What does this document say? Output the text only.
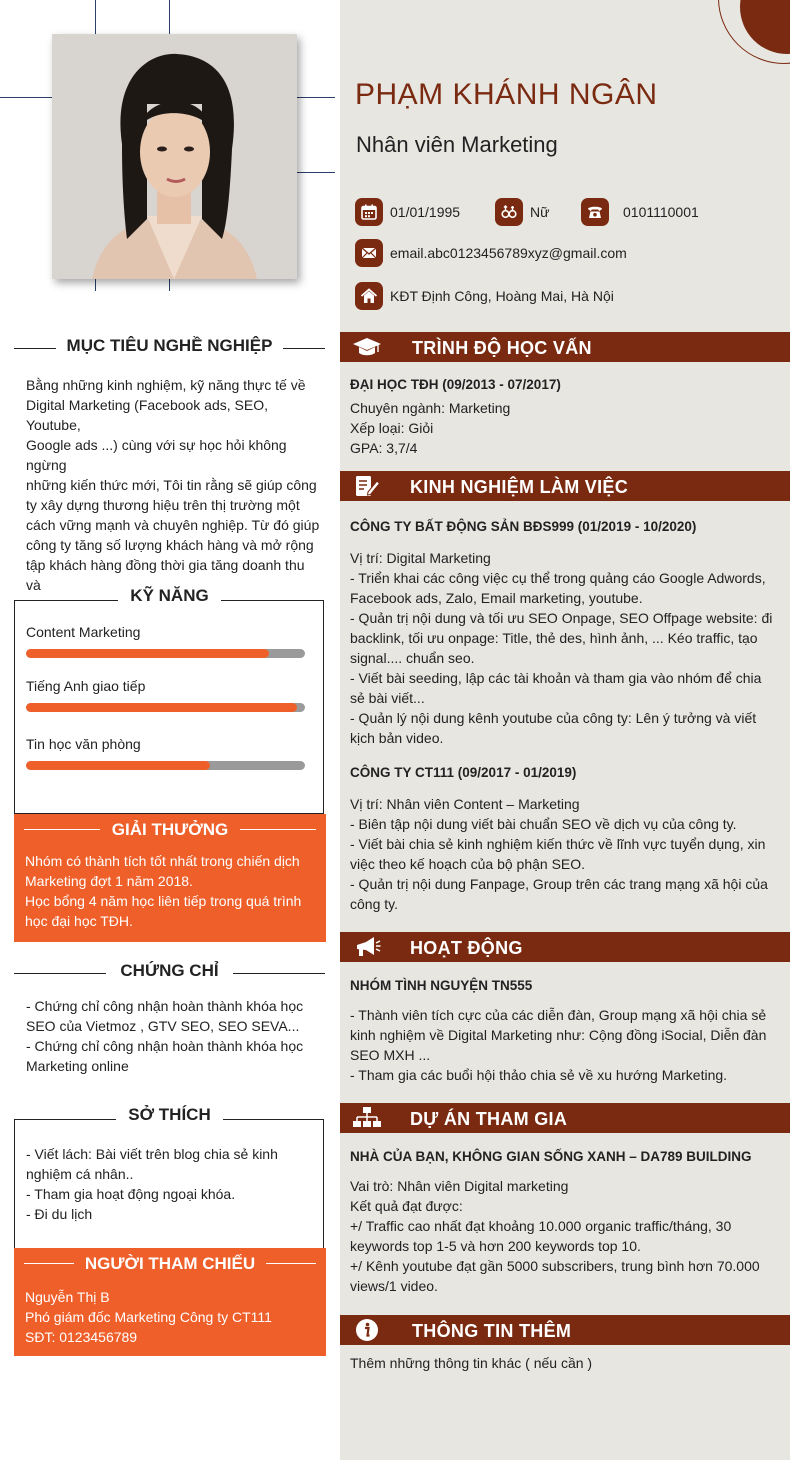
PHẠM KHÁNH NGÂN
Nhân viên Marketing
01/01/1995	Nữ	0101110001
email.abc0123456789xyz@gmail.com
KĐT Định Công, Hoàng Mai, Hà Nội
TRÌNH ĐỘ HỌC VẤN
ĐẠI HỌC TĐH (09/2013 - 07/2017)
Chuyên ngành: Marketing
Xếp loại: Giỏi
GPA: 3,7/4
KINH NGHIỆM LÀM VIỆC
CÔNG TY BẤT ĐỘNG SẢN BĐS999 (01/2019 - 10/2020)
Vị trí: Digital Marketing
- Triển khai các công việc cụ thể trong quảng cáo Google Adwords,
Facebook ads, Zalo, Email marketing, youtube.
- Quản trị nội dung và tối ưu SEO Onpage, SEO Offpage website: đi
backlink, tối ưu onpage: Title, thẻ des, hình ảnh, ... Kéo traffic, tạo
signal.... chuẩn seo.
- Viết bài seeding, lập các tài khoản và tham gia vào nhóm để chia
sẻ bài viết...
- Quản lý nội dung kênh youtube của công ty: Lên ý tưởng và viết
kịch bản video.
CÔNG TY CT111 (09/2017 - 01/2019)
Vị trí: Nhân viên Content – Marketing
- Biên tập nội dung viết bài chuẩn SEO về dịch vụ của công ty.
- Viết bài chia sẻ kinh nghiệm kiến thức về lĩnh vực tuyển dụng, xin
việc theo kế hoạch của bộ phận SEO.
- Quản trị nội dung Fanpage, Group trên các trang mạng xã hội của
công ty.
HOẠT ĐỘNG
NHÓM TÌNH NGUYỆN TN555
- Thành viên tích cực của các diễn đàn, Group mạng xã hội chia sẻ
kinh nghiệm về Digital Marketing như: Cộng đồng iSocial, Diễn đàn
SEO MXH ...
- Tham gia các buổi hội thảo chia sẻ về xu hướng Marketing.
DỰ ÁN THAM GIA
NHÀ CỦA BẠN, KHÔNG GIAN SỐNG XANH – DA789 BUILDING
Vai trò: Nhân viên Digital marketing
Kết quả đạt được:
+/ Traffic cao nhất đạt khoảng 10.000 organic traffic/tháng, 30
keywords top 1-5 và hơn 200 keywords top 10.
+/ Kênh youtube đạt gần 5000 subscribers, trung bình hơn 70.000
views/1 video.
THÔNG TIN THÊM
Thêm những thông tin khác ( nếu cần )
MỤC TIÊU NGHỀ NGHIỆP
Bằng những kinh nghiệm, kỹ năng thực tế về
Digital Marketing (Facebook ads, SEO, Youtube,
Google ads ...) cùng với sự học hỏi không ngừng
những kiến thức mới, Tôi tin rằng sẽ giúp công
ty xây dựng thương hiệu trên thị trường một
cách vững mạnh và chuyên nghiệp. Từ đó giúp
công ty tăng số lượng khách hàng và mở rộng
tập khách hàng đồng thời gia tăng doanh thu và
KỸ NĂNG
Content Marketing
Tiếng Anh giao tiếp
Tin học văn phòng
GIẢI THƯỞNG
Nhóm có thành tích tốt nhất trong chiến dịch
Marketing đợt 1 năm 2018.
Học bổng 4 năm học liên tiếp trong quá trình
học đại học TĐH.
CHỨNG CHỈ
- Chứng chỉ công nhận hoàn thành khóa học
SEO của Vietmoz , GTV SEO, SEO SEVA...
- Chứng chỉ công nhận hoàn thành khóa học
Marketing online
SỞ THÍCH
- Viết lách: Bài viết trên blog chia sẻ kinh
nghiệm cá nhân..
- Tham gia hoạt động ngoại khóa.
- Đi du lịch
NGƯỜI THAM CHIẾU
Nguyễn Thị B
Phó giám đốc Marketing Công ty CT111
SĐT: 0123456789
